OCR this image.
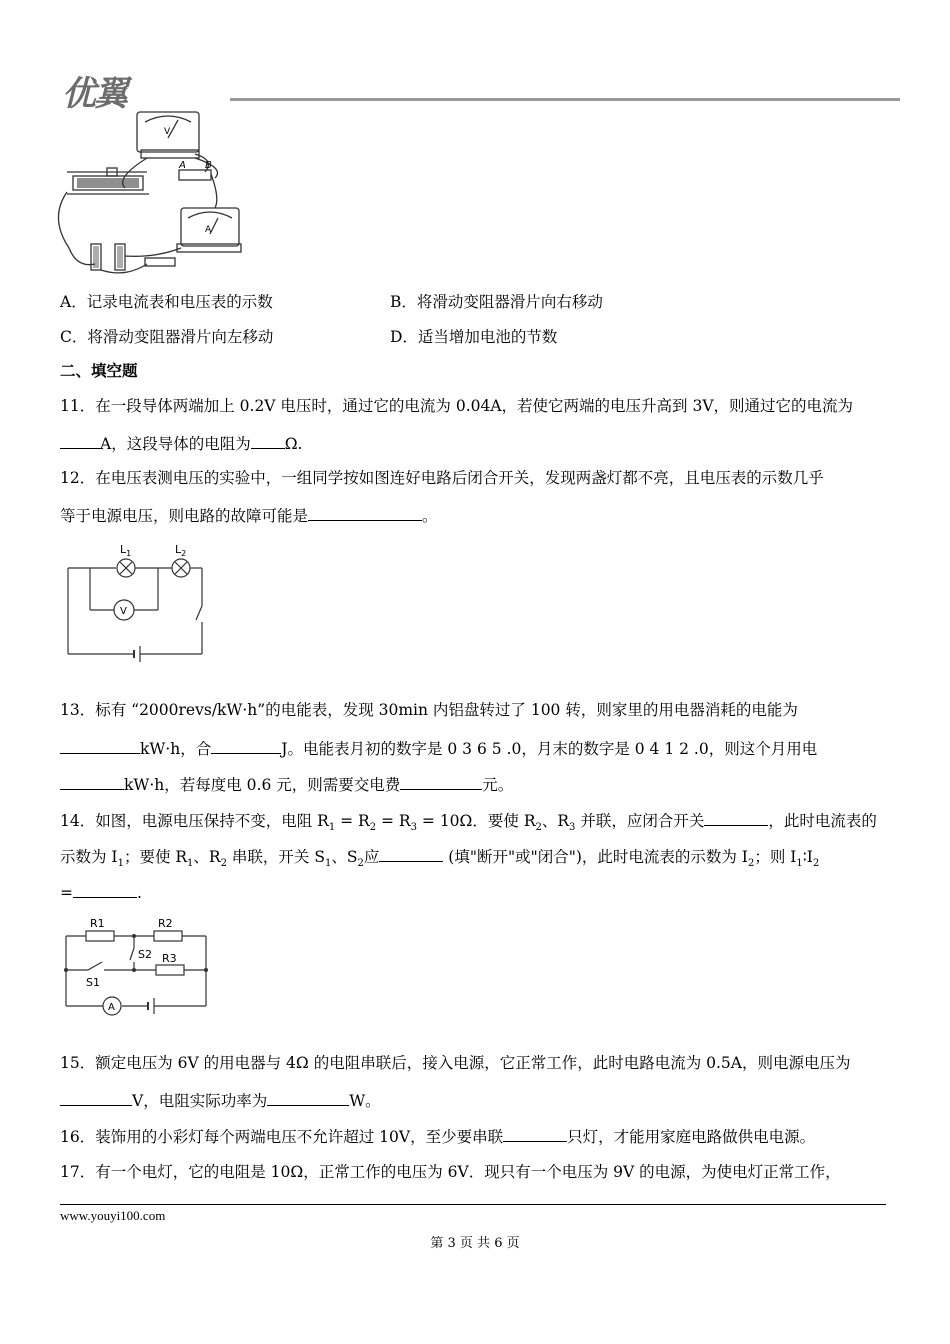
优翼
V
A
A B
A．记录电流表和电压表的示数	B．将滑动变阻器滑片向右移动
C．将滑动变阻器滑片向左移动	D．适当增加电池的节数
二、填空题
11．在一段导体两端加上 0.2V 电压时，通过它的电流为 0.04A，若使它两端的电压升高到 3V，则通过它的电流为
A，这段导体的电阻为 Ω.
12．在电压表测电压的实验中，一组同学按如图连好电路后闭合开关，发现两盏灯都不亮，且电压表的示数几乎
等于电源电压，则电路的故障可能是	。
$L_1$	$L_2$
V
13．标有 “2000revs/kW·h”的电能表，发现 30min 内铝盘转过了 100 转，则家里的用电器消耗的电能为
kW·h，合	J。电能表月初的数字是 0 3 6 5 .0，月末的数字是 0 4 1 2 .0，则这个月用电
kW·h，若每度电 0.6 元，则需要交电费	元。
14．如图，电源电压保持不变，电阻 $R_1 = R_2 = R_3 = 10\Omega$．要使 $R_2$、$R_3$ 并联，应闭合开关	，此时电流表的
示数为 $I_1$；要使 $R_1$、$R_2$ 串联，开关 $S_1$、$S_2$应	(填"断开"或"闭合")，此时电流表的示数为 $I_2$；则 $I_1∶I_2$
=	.
R1	R2
R3
S2
S1
A
15．额定电压为 6V 的用电器与 4Ω 的电阻串联后，接入电源，它正常工作，此时电路电流为 0.5A，则电源电压为
V，电阻实际功率为	W。
16．装饰用的小彩灯每个两端电压不允许超过 10V，至少要串联	只灯，才能用家庭电路做供电电源。
17．有一个电灯，它的电阻是 10Ω，正常工作的电压为 6V．现只有一个电压为 9V 的电源，为使电灯正常工作，
www.youyi100.com
第 3 页 共 6 页
